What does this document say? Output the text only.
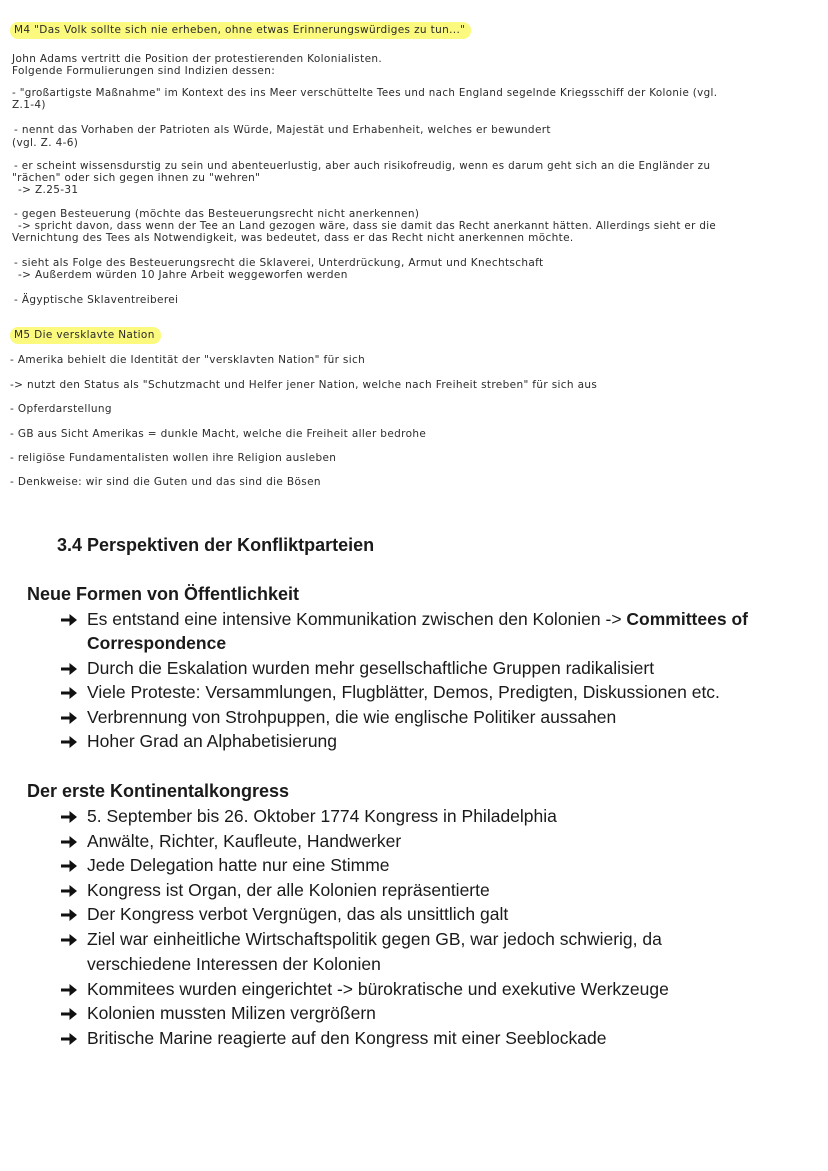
M4 "Das Volk sollte sich nie erheben, ohne etwas Erinnerungswürdiges zu tun..."
John Adams vertritt die Position der protestierenden Kolonialisten.
Folgende Formulierungen sind Indizien dessen:
- "großartigste Maßnahme" im Kontext des ins Meer verschüttelte Tees und nach England segelnde Kriegsschiff der Kolonie (vgl.
Z.1-4)
- nennt das Vorhaben der Patrioten als Würde, Majestät und Erhabenheit, welches er bewundert
(vgl. Z. 4-6)
- er scheint wissensdurstig zu sein und abenteuerlustig, aber auch risikofreudig, wenn es darum geht sich an die Engländer zu
"rächen" oder sich gegen ihnen zu "wehren"
-> Z.25-31
- gegen Besteuerung (möchte das Besteuerungsrecht nicht anerkennen)
-> spricht davon, dass wenn der Tee an Land gezogen wäre, dass sie damit das Recht anerkannt hätten. Allerdings sieht er die
Vernichtung des Tees als Notwendigkeit, was bedeutet, dass er das Recht nicht anerkennen möchte.
- sieht als Folge des Besteuerungsrecht die Sklaverei, Unterdrückung, Armut und Knechtschaft
-> Außerdem würden 10 Jahre Arbeit weggeworfen werden
- Ägyptische Sklaventreiberei
M5 Die versklavte Nation
- Amerika behielt die Identität der "versklavten Nation" für sich
-> nutzt den Status als "Schutzmacht und Helfer jener Nation, welche nach Freiheit streben" für sich aus
- Opferdarstellung
- GB aus Sicht Amerikas = dunkle Macht, welche die Freiheit aller bedrohe
- religiöse Fundamentalisten wollen ihre Religion ausleben
- Denkweise: wir sind die Guten und das sind die Bösen
3.4 Perspektiven der Konfliktparteien
Neue Formen von Öffentlichkeit
Es entstand eine intensive Kommunikation zwischen den Kolonien -> Committees of
Correspondence
Durch die Eskalation wurden mehr gesellschaftliche Gruppen radikalisiert
Viele Proteste: Versammlungen, Flugblätter, Demos, Predigten, Diskussionen etc.
Verbrennung von Strohpuppen, die wie englische Politiker aussahen
Hoher Grad an Alphabetisierung
Der erste Kontinentalkongress
5. September bis 26. Oktober 1774 Kongress in Philadelphia
Anwälte, Richter, Kaufleute, Handwerker
Jede Delegation hatte nur eine Stimme
Kongress ist Organ, der alle Kolonien repräsentierte
Der Kongress verbot Vergnügen, das als unsittlich galt
Ziel war einheitliche Wirtschaftspolitik gegen GB, war jedoch schwierig, da
verschiedene Interessen der Kolonien
Kommitees wurden eingerichtet -> bürokratische und exekutive Werkzeuge
Kolonien mussten Milizen vergrößern
Britische Marine reagierte auf den Kongress mit einer Seeblockade
